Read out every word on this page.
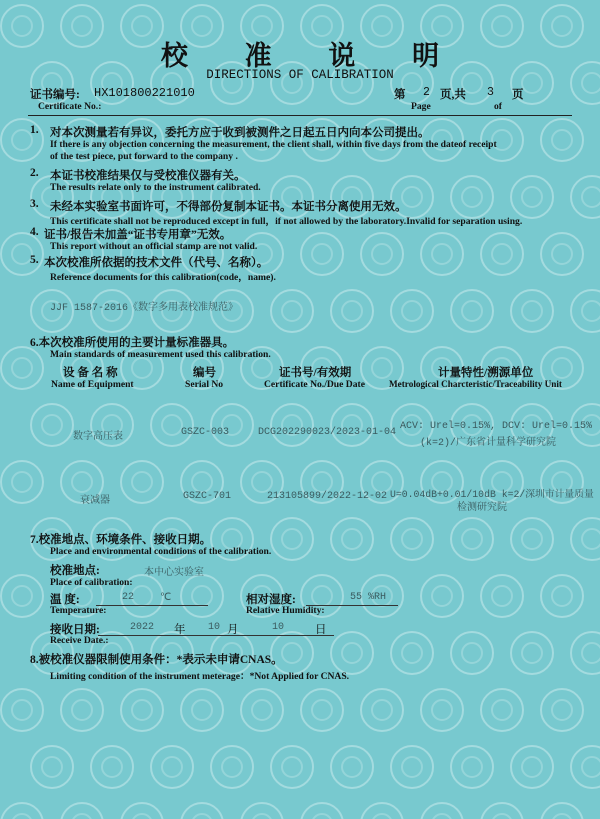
校 准 说 明
DIRECTIONS OF CALIBRATION
证书编号: HX101800221010
Certificate No.:
第 2 页,共 3 页
Page	of
1. 对本次测量若有异议，委托方应于收到被测件之日起五日内向本公司提出。
If there is any objection concerning the measurement, the client shall, within five days from the dateof receipt
of the test piece, put forward to the company .
2. 本证书校准结果仅与受校准仪器有关。
The results relate only to the instrument calibrated.
3. 未经本实验室书面许可，不得部份复制本证书。本证书分离使用无效。
This certificate shall not be reproduced except in full，if not allowed by the laboratory.Invalid for separation using.
4. 证书/报告未加盖“证书专用章”无效。
This report without an official stamp are not valid.
5. 本次校准所依据的技术文件（代号、名称）。
Reference documents for this calibration(code，name).
JJF 1587-2016《数字多用表校准规范》
6.本次校准所使用的主要计量标准器具。
Main standards of measurement used this calibration.
设 备 名 称	编号	证书号/有效期	计量特性/溯源单位
Name of Equipment	Serial No	Certificate No./Due Date	Metrological Charcteristic/Traceability Unit
数字高压表	GSZC-003	DCG202290023/2023-01-04
ACV: Urel=0.15%, DCV: Urel=0.15%
(k=2)/广东省计量科学研究院
衰减器	GSZC-701	213105899/2022-12-02 U=0.04dB+0.01/10dB k=2/深圳市计量质量
检测研究院
7.校准地点、环境条件、接收日期。
Place and environmental conditions of the calibration.
校准地点:	本中心实验室
Place of calibration:
温 度:	22	℃
Temperature:
相对湿度:	55 %RH
Relative Humidity:
接收日期:	2022 年 10 月	10	日
Receive Date.:
8.被校准仪器限制使用条件：*表示未申请CNAS。
Limiting condition of the instrument meterage：*Not Applied for CNAS.
